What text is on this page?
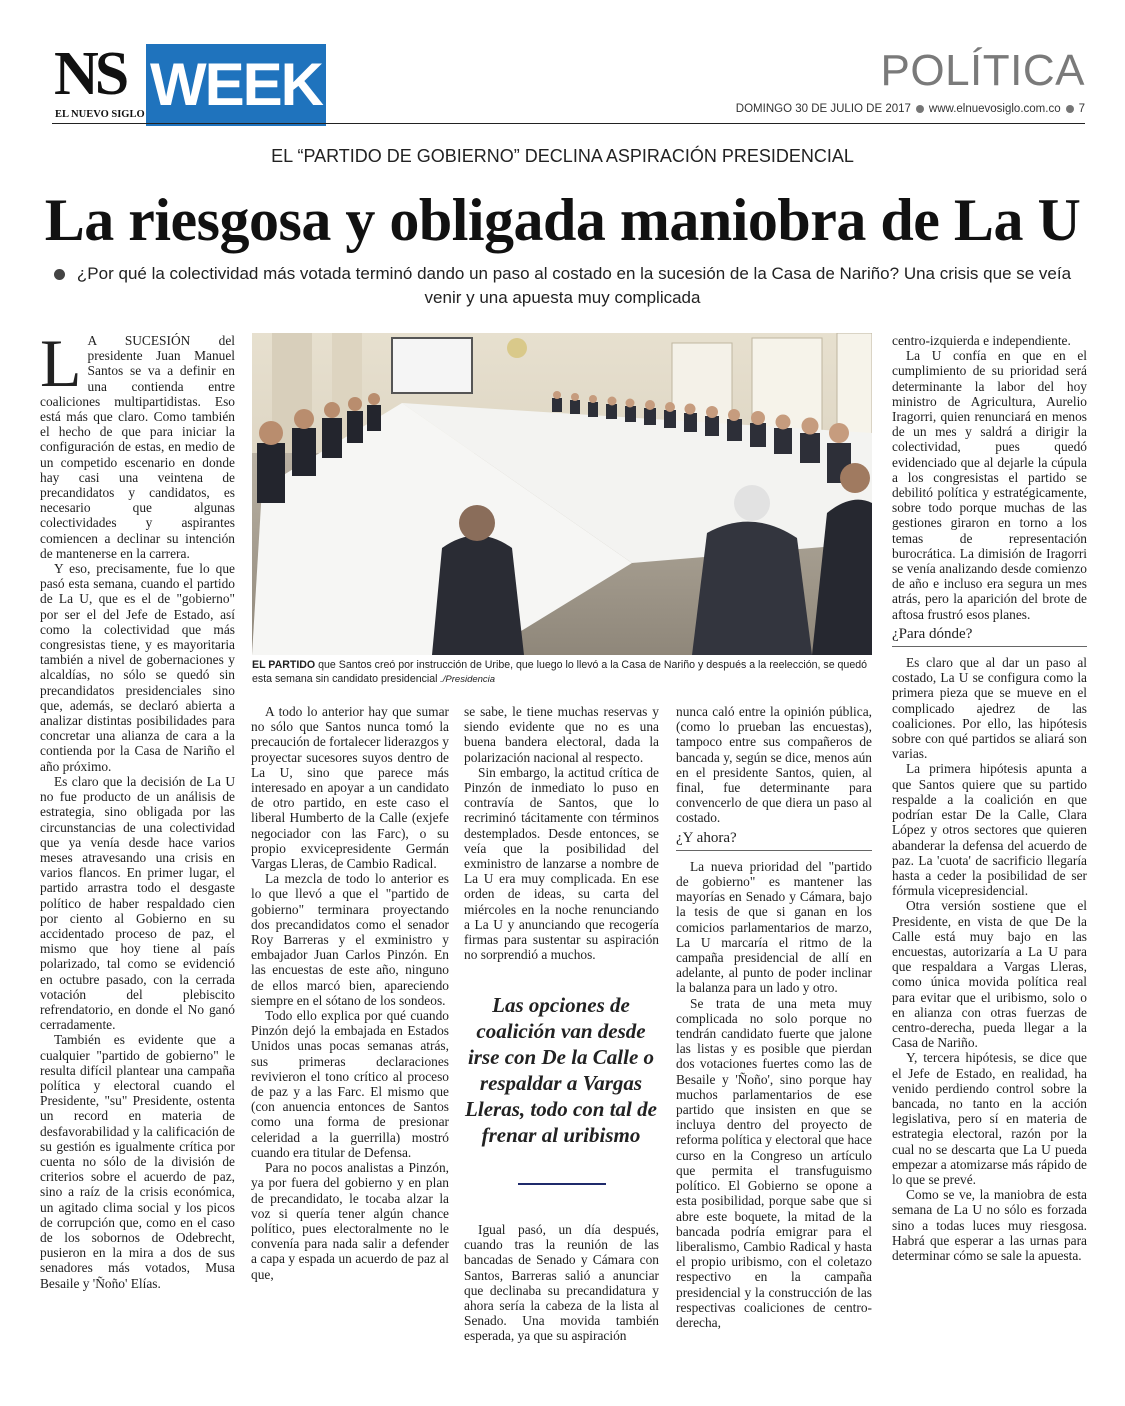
NS
EL NUEVO SIGLO WEEK	POLÍTICA
DOMINGO 30 DE JULIO DE 2017 www.elnuevosiglo.com.co 7
EL “PARTIDO DE GOBIERNO” DECLINA ASPIRACIÓN PRESIDENCIAL
La riesgosa y obligada maniobra de La U
¿Por qué la colectividad más votada terminó dando un paso al costado en la sucesión de la Casa de Nariño? Una crisis que se veía venir y una apuesta muy complicada
EL PARTIDO que Santos creó por instrucción de Uribe, que luego lo llevó a la Casa de Nariño y después a la reelección, se quedó esta semana sin candidato presidencial ./Presidencia

L A SUCESIÓN del presidente Juan Manuel Santos se va a definir en una contienda entre coaliciones multipartidistas. Eso está más que claro. Como también el hecho de que para iniciar la configuración de estas, en medio de un competido escenario en donde hay casi una veintena de precandidatos y candidatos, es necesario que algunas colectividades y aspirantes comiencen a declinar su intención de mantenerse en la carrera.

Y eso, precisamente, fue lo que pasó esta semana, cuando el partido de La U, que es el de "gobierno" por ser el del Jefe de Estado, así como la colectividad que más congresistas tiene, y es mayoritaria también a nivel de gobernaciones y alcaldías, no sólo se quedó sin precandidatos presidenciales sino que, además, se declaró abierta a analizar distintas posibilidades para concretar una alianza de cara a la contienda por la Casa de Nariño el año próximo.

Es claro que la decisión de La U no fue producto de un análisis de estrategia, sino obligada por las circunstancias de una colectividad que ya venía desde hace varios meses atravesando una crisis en varios flancos. En primer lugar, el partido arrastra todo el desgaste político de haber respaldado cien por ciento al Gobierno en su accidentado proceso de paz, el mismo que hoy tiene al país polarizado, tal como se evidenció en octubre pasado, con la cerrada votación del plebiscito refrendatorio, en donde el No ganó cerradamente.

También es evidente que a cualquier "partido de gobierno" le resulta difícil plantear una campaña política y electoral cuando el Presidente, "su" Presidente, ostenta un record en materia de desfavorabilidad y la calificación de su gestión es igualmente crítica por cuenta no sólo de la división de criterios sobre el acuerdo de paz, sino a raíz de la crisis económica, un agitado clima social y los picos de corrupción que, como en el caso de los sobornos de Odebrecht, pusieron en la mira a dos de sus senadores más votados, Musa Besaile y 'Ñoño' Elías.

A todo lo anterior hay que sumar no sólo que Santos nunca tomó la precaución de fortalecer liderazgos y proyectar sucesores suyos dentro de La U, sino que parece más interesado en apoyar a un candidato de otro partido, en este caso el liberal Humberto de la Calle (exjefe negociador con las Farc), o su propio exvicepresidente Germán Vargas Lleras, de Cambio Radical.

La mezcla de todo lo anterior es lo que llevó a que el "partido de gobierno" terminara proyectando dos precandidatos como el senador Roy Barreras y el exministro y embajador Juan Carlos Pinzón. En las encuestas de este año, ninguno de ellos marcó bien, apareciendo siempre en el sótano de los sondeos.

Todo ello explica por qué cuando Pinzón dejó la embajada en Estados Unidos unas pocas semanas atrás, sus primeras declaraciones revivieron el tono crítico al proceso de paz y a las Farc. El mismo que (con anuencia entonces de Santos como una forma de presionar celeridad a la guerrilla) mostró cuando era titular de Defensa.

Para no pocos analistas a Pinzón, ya por fuera del gobierno y en plan de precandidato, le tocaba alzar la voz si quería tener algún chance político, pues electoralmente no le convenía para nada salir a defender a capa y espada un acuerdo de paz al que,

se sabe, le tiene muchas reservas y siendo evidente que no es una buena bandera electoral, dada la polarización nacional al respecto.

Sin embargo, la actitud crítica de Pinzón de inmediato lo puso en contravía de Santos, que lo recriminó tácitamente con términos destemplados. Desde entonces, se veía que la posibilidad del exministro de lanzarse a nombre de La U era muy complicada. En ese orden de ideas, su carta del miércoles en la noche renunciando a La U y anunciando que recogería firmas para sustentar su aspiración no sorprendió a muchos.

Las opciones de coalición van desde irse con De la Calle o respaldar a Vargas Lleras, todo con tal de frenar al uribismo

Igual pasó, un día después, cuando tras la reunión de las bancadas de Senado y Cámara con Santos, Barreras salió a anunciar que declinaba su precandidatura y ahora sería la cabeza de la lista al Senado. Una movida también esperada, ya que su aspiración

nunca caló entre la opinión pública, (como lo prueban las encuestas), tampoco entre sus compañeros de bancada y, según se dice, menos aún en el presidente Santos, quien, al final, fue determinante para convencerlo de que diera un paso al costado.

¿Y ahora?

La nueva prioridad del "partido de gobierno" es mantener las mayorías en Senado y Cámara, bajo la tesis de que si ganan en los comicios parlamentarios de marzo, La U marcaría el ritmo de la campaña presidencial de allí en adelante, al punto de poder inclinar la balanza para un lado y otro.

Se trata de una meta muy complicada no solo porque no tendrán candidato fuerte que jalone las listas y es posible que pierdan dos votaciones fuertes como las de Besaile y 'Ñoño', sino porque hay muchos parlamentarios de ese partido que insisten en que se incluya dentro del proyecto de reforma política y electoral que hace curso en la Congreso un artículo que permita el transfuguismo político. El Gobierno se opone a esta posibilidad, porque sabe que si abre este boquete, la mitad de la bancada podría emigrar para el liberalismo, Cambio Radical y hasta el propio uribismo, con el coletazo respectivo en la campaña presidencial y la construcción de las respectivas coaliciones de centro-derecha,

centro-izquierda e independiente.

La U confía en que en el cumplimiento de su prioridad será determinante la labor del hoy ministro de Agricultura, Aurelio Iragorri, quien renunciará en menos de un mes y saldrá a dirigir la colectividad, pues quedó evidenciado que al dejarle la cúpula a los congresistas el partido se debilitó política y estratégicamente, sobre todo porque muchas de las gestiones giraron en torno a los temas de representación burocrática. La dimisión de Iragorri se venía analizando desde comienzo de año e incluso era segura un mes atrás, pero la aparición del brote de aftosa frustró esos planes.

¿Para dónde?

Es claro que al dar un paso al costado, La U se configura como la primera pieza que se mueve en el complicado ajedrez de las coaliciones. Por ello, las hipótesis sobre con qué partidos se aliará son varias.

La primera hipótesis apunta a que Santos quiere que su partido respalde a la coalición en que podrían estar De la Calle, Clara López y otros sectores que quieren abanderar la defensa del acuerdo de paz. La 'cuota' de sacrificio llegaría hasta a ceder la posibilidad de ser fórmula vicepresidencial.

Otra versión sostiene que el Presidente, en vista de que De la Calle está muy bajo en las encuestas, autorizaría a La U para que respaldara a Vargas Lleras, como única movida política real para evitar que el uribismo, solo o en alianza con otras fuerzas de centro-derecha, pueda llegar a la Casa de Nariño.

Y, tercera hipótesis, se dice que el Jefe de Estado, en realidad, ha venido perdiendo control sobre la bancada, no tanto en la acción legislativa, pero sí en materia de estrategia electoral, razón por la cual no se descarta que La U pueda empezar a atomizarse más rápido de lo que se prevé.

Como se ve, la maniobra de esta semana de La U no sólo es forzada sino a todas luces muy riesgosa. Habrá que esperar a las urnas para determinar cómo se sale la apuesta.
